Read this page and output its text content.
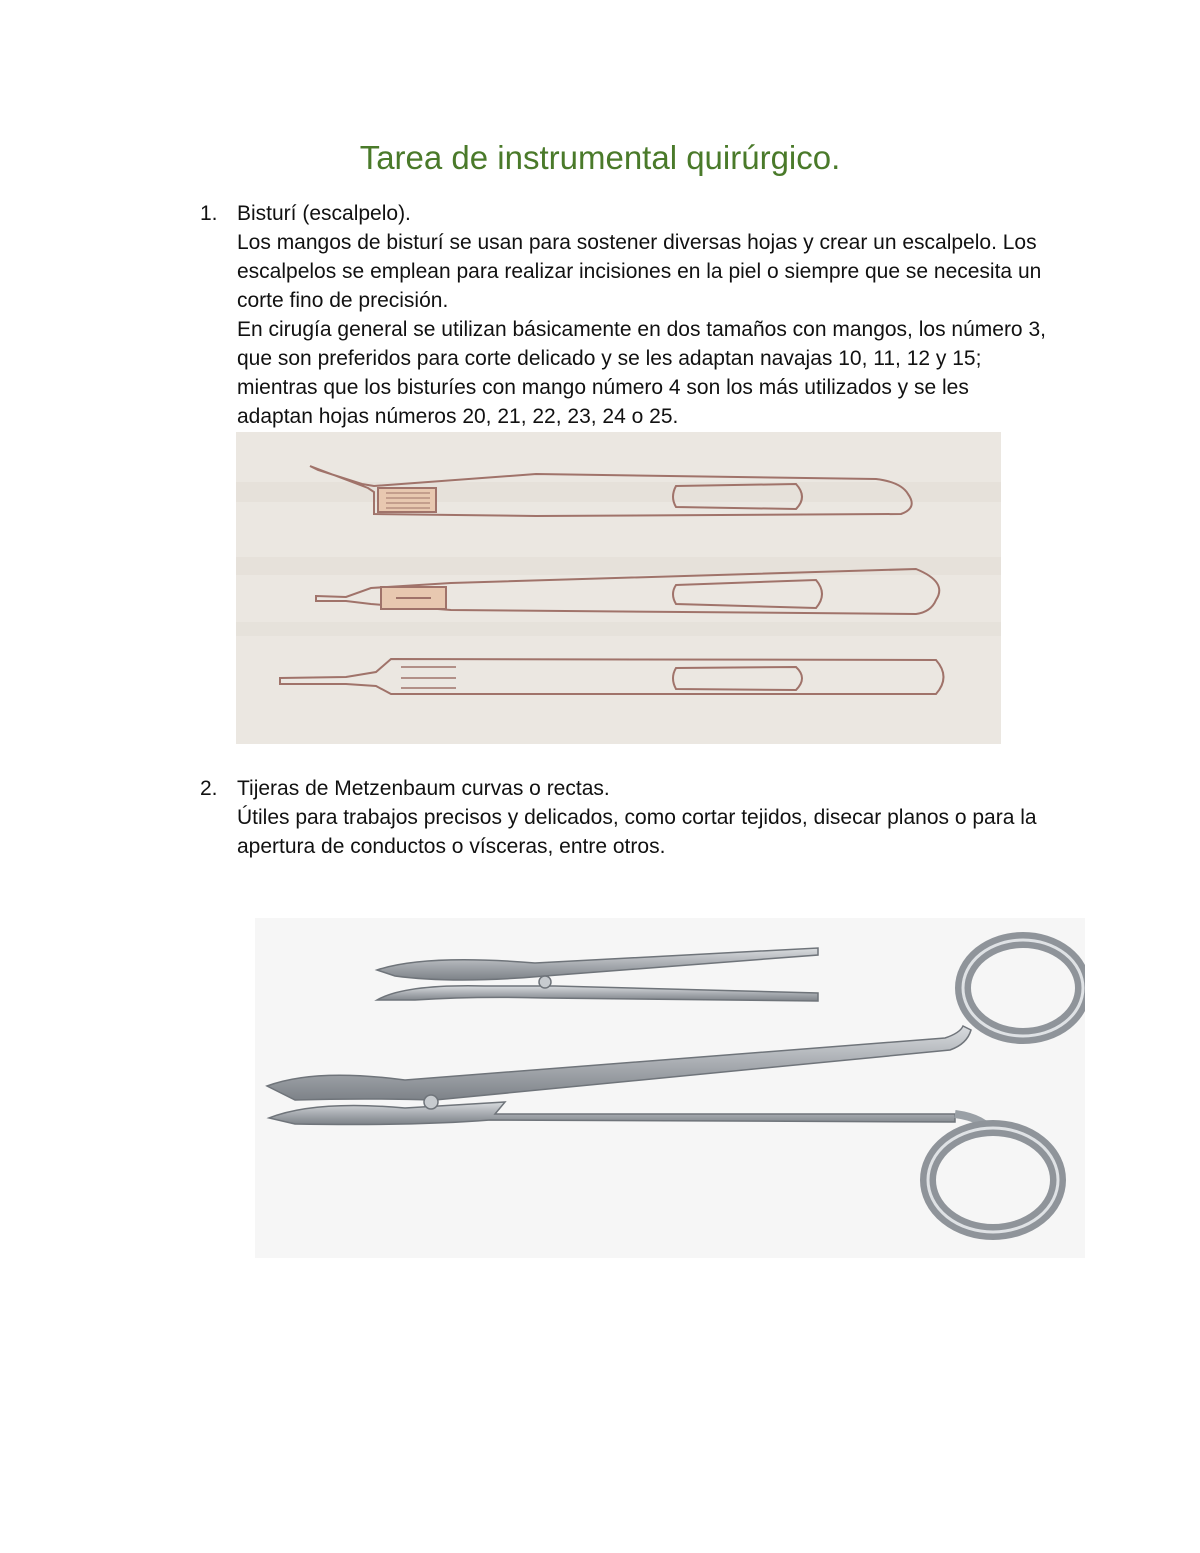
Tarea de instrumental quirúrgico.
1. Bisturí (escalpelo).

Los mangos de bisturí se usan para sostener diversas hojas y crear un escalpelo. Los escalpelos se emplean para realizar incisiones en la piel o siempre que se necesita un corte fino de precisión.

En cirugía general se utilizan básicamente en dos tamaños con mangos, los número 3, que son preferidos para corte delicado y se les adaptan navajas 10, 11, 12 y 15; mientras que los bisturíes con mango número 4 son los más utilizados y se les adaptan hojas números 20, 21, 22, 23, 24 o 25.

2. Tijeras de Metzenbaum curvas o rectas.

Útiles para trabajos precisos y delicados, como cortar tejidos, disecar planos o para la apertura de conductos o vísceras, entre otros.
